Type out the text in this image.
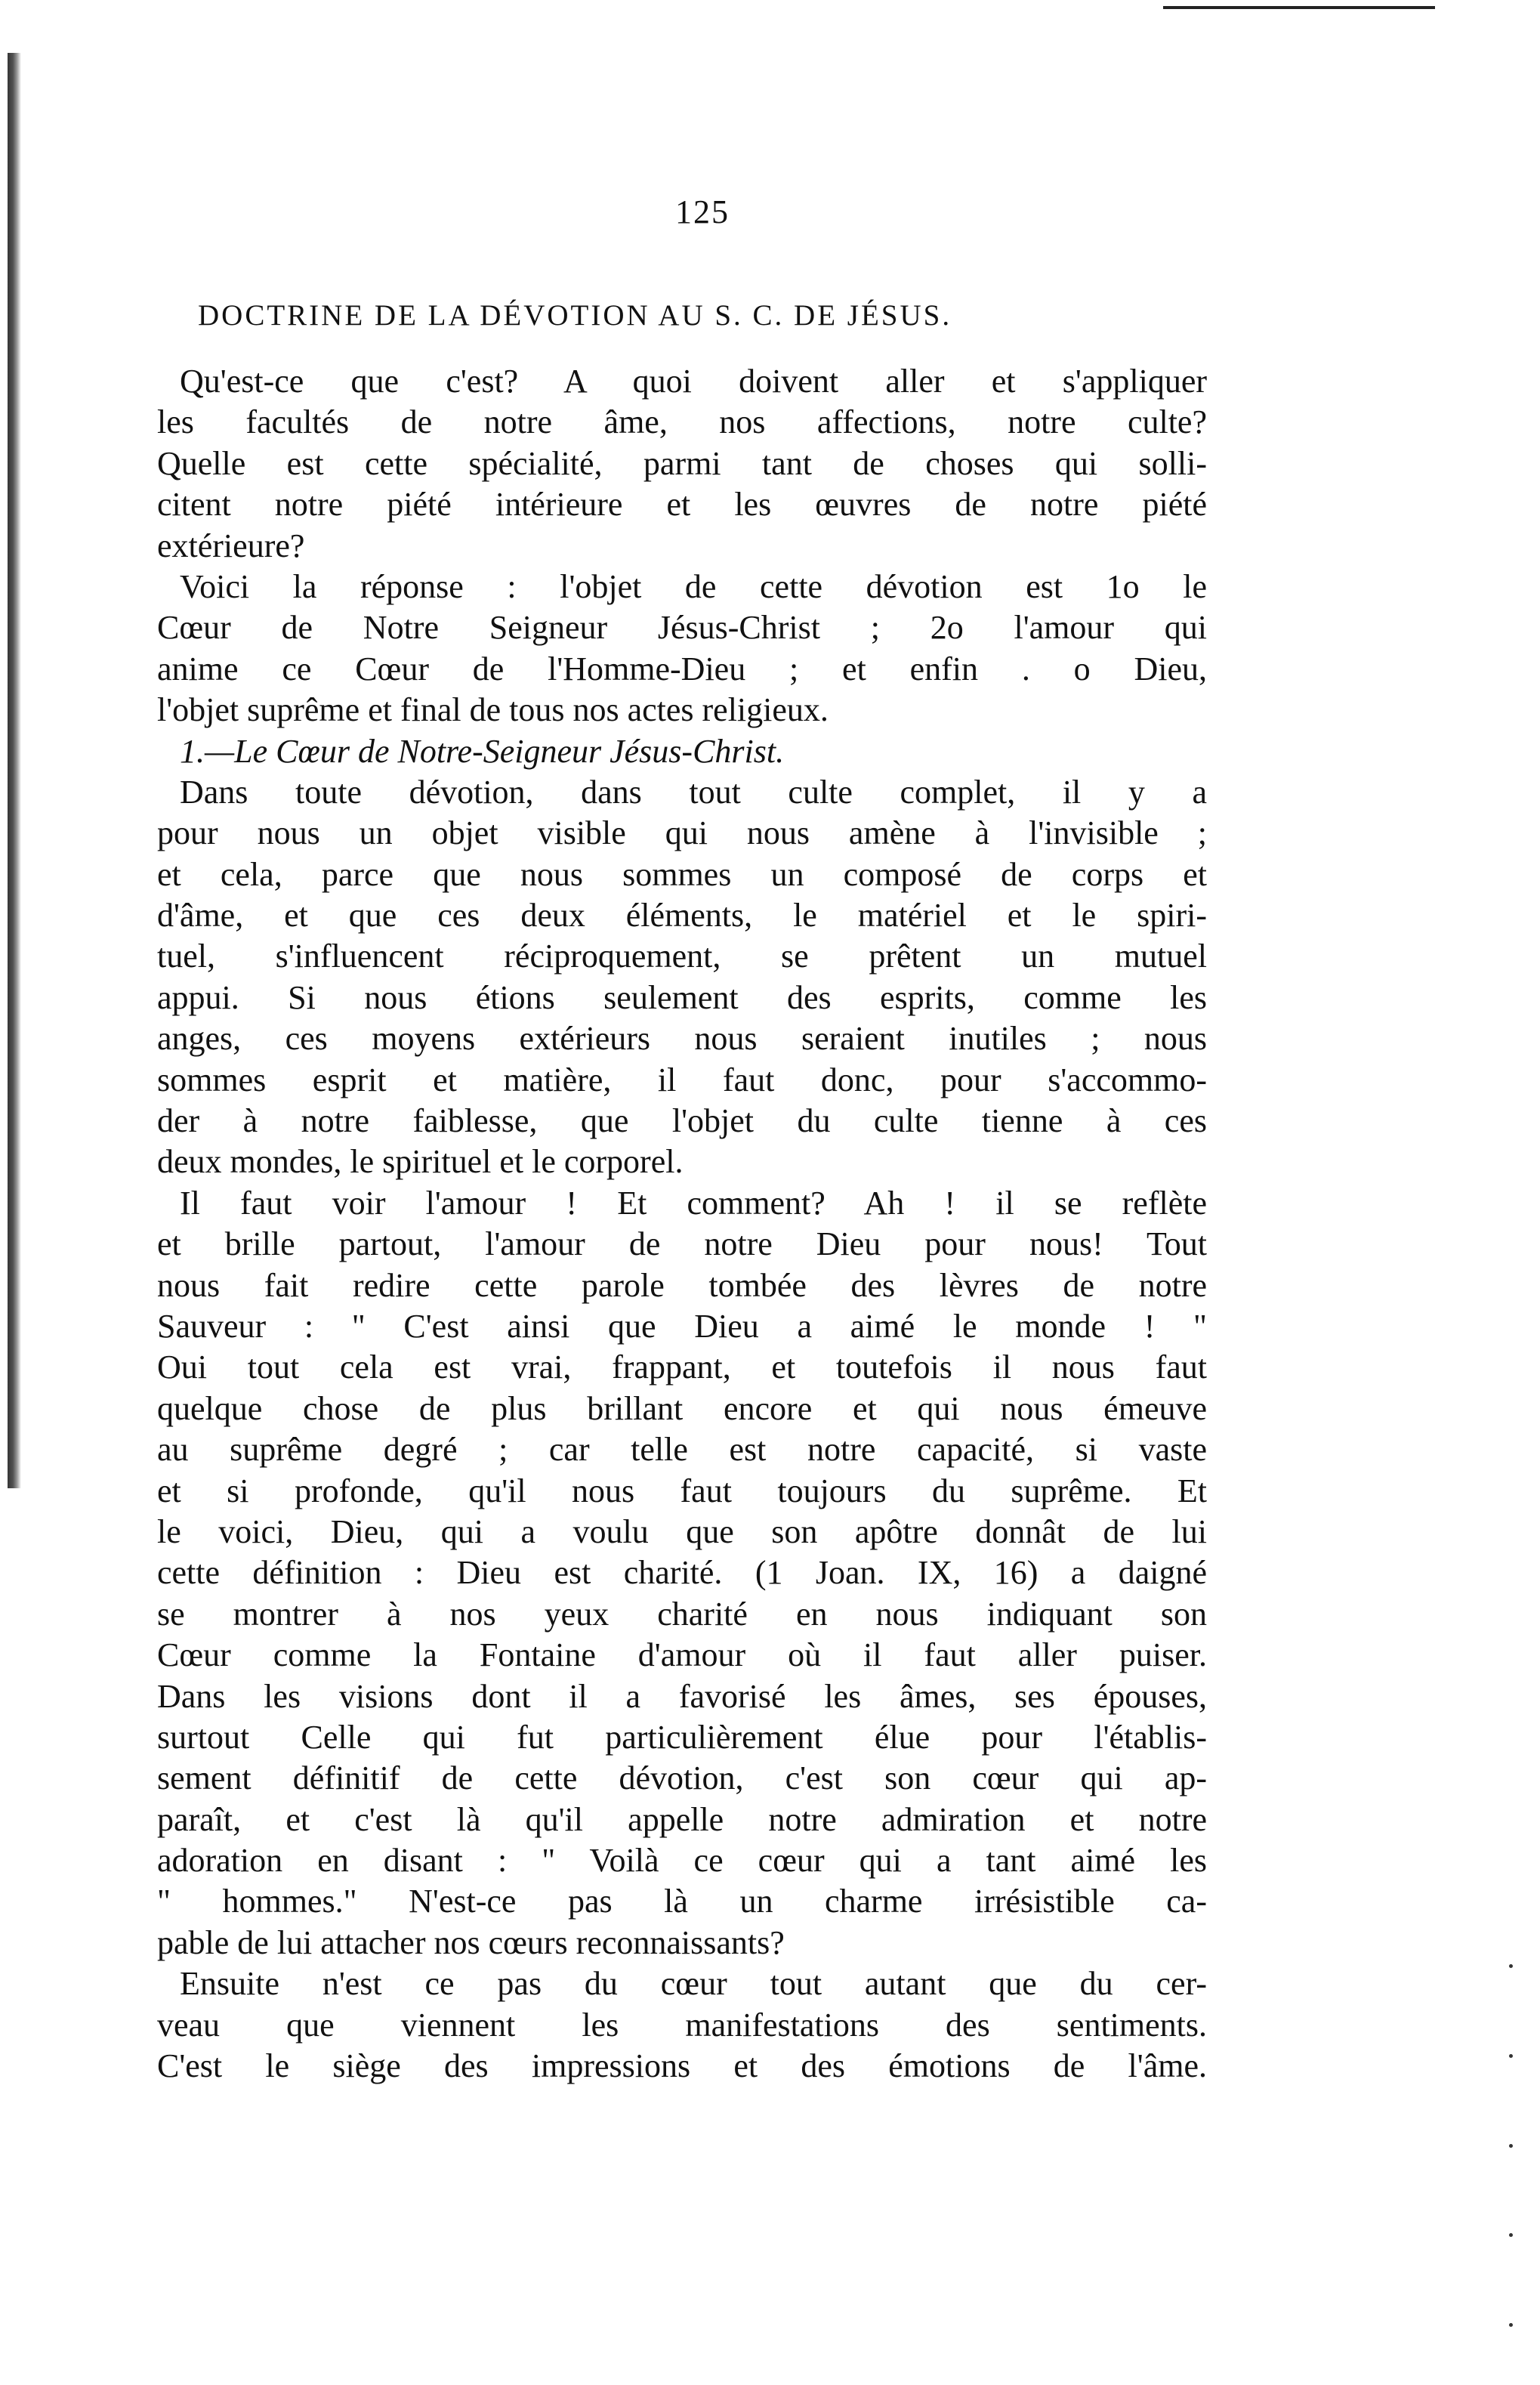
125
DOCTRINE DE LA DÉVOTION AU S. C. DE JÉSUS.
Qu'est-ce que c'est? A quoi doivent aller et s'appliquer
les facultés de notre âme, nos affections, notre culte?
Quelle est cette spécialité, parmi tant de choses qui solli-
citent notre piété intérieure et les œuvres de notre piété
extérieure?
Voici la réponse : l'objet de cette dévotion est 1o le
Cœur de Notre Seigneur Jésus-Christ ; 2o l'amour qui
anime ce Cœur de l'Homme-Dieu ; et enfin . o Dieu,
l'objet suprême et final de tous nos actes religieux.
1.—Le Cœur de Notre-Seigneur Jésus-Christ.
Dans toute dévotion, dans tout culte complet, il y a
pour nous un objet visible qui nous amène à l'invisible ;
et cela, parce que nous sommes un composé de corps et
d'âme, et que ces deux éléments, le matériel et le spiri-
tuel, s'influencent réciproquement, se prêtent un mutuel
appui. Si nous étions seulement des esprits, comme les
anges, ces moyens extérieurs nous seraient inutiles ; nous
sommes esprit et matière, il faut donc, pour s'accommo-
der à notre faiblesse, que l'objet du culte tienne à ces
deux mondes, le spirituel et le corporel.
Il faut voir l'amour ! Et comment? Ah ! il se reflète
et brille partout, l'amour de notre Dieu pour nous! Tout
nous fait redire cette parole tombée des lèvres de notre
Sauveur : " C'est ainsi que Dieu a aimé le monde ! "
Oui tout cela est vrai, frappant, et toutefois il nous faut
quelque chose de plus brillant encore et qui nous émeuve
au suprême degré ; car telle est notre capacité, si vaste
et si profonde, qu'il nous faut toujours du suprême. Et
le voici, Dieu, qui a voulu que son apôtre donnât de lui
cette définition : Dieu est charité. (1 Joan. IX, 16) a daigné
se montrer à nos yeux charité en nous indiquant son
Cœur comme la Fontaine d'amour où il faut aller puiser.
Dans les visions dont il a favorisé les âmes, ses épouses,
surtout Celle qui fut particulièrement élue pour l'établis-
sement définitif de cette dévotion, c'est son cœur qui ap-
paraît, et c'est là qu'il appelle notre admiration et notre
adoration en disant : " Voilà ce cœur qui a tant aimé les
" hommes." N'est-ce pas là un charme irrésistible ca-
pable de lui attacher nos cœurs reconnaissants?
Ensuite n'est ce pas du cœur tout autant que du cer-
veau que viennent les manifestations des sentiments.
C'est le siège des impressions et des émotions de l'âme.
